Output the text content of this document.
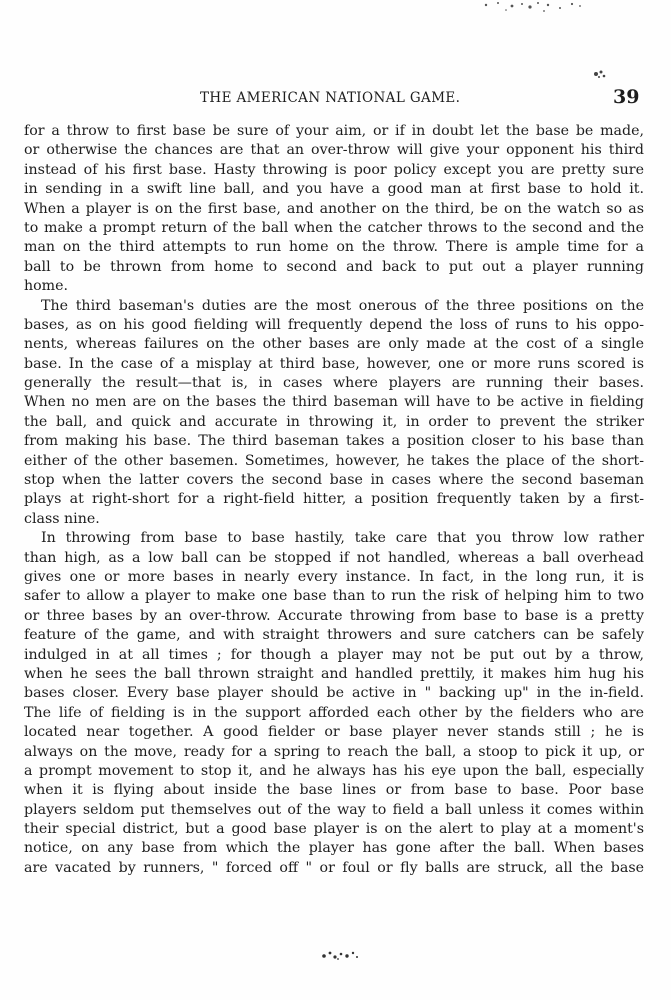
THE AMERICAN NATIONAL GAME.	39
for a throw to first base be sure of your aim, or if in doubt let the base be made,
or otherwise the chances are that an over-throw will give your opponent his third
instead of his first base. Hasty throwing is poor policy except you are pretty sure
in sending in a swift line ball, and you have a good man at first base to hold it.
When a player is on the first base, and another on the third, be on the watch so as
to make a prompt return of the ball when the catcher throws to the second and the
man on the third attempts to run home on the throw. There is ample time for a
ball to be thrown from home to second and back to put out a player running
home.
The third baseman's duties are the most onerous of the three positions on the
bases, as on his good fielding will frequently depend the loss of runs to his oppo-
nents, whereas failures on the other bases are only made at the cost of a single
base. In the case of a misplay at third base, however, one or more runs scored is
generally the result—that is, in cases where players are running their bases.
When no men are on the bases the third baseman will have to be active in fielding
the ball, and quick and accurate in throwing it, in order to prevent the striker
from making his base. The third baseman takes a position closer to his base than
either of the other basemen. Sometimes, however, he takes the place of the short-
stop when the latter covers the second base in cases where the second baseman
plays at right-short for a right-field hitter, a position frequently taken by a first-
class nine.
In throwing from base to base hastily, take care that you throw low rather
than high, as a low ball can be stopped if not handled, whereas a ball overhead
gives one or more bases in nearly every instance. In fact, in the long run, it is
safer to allow a player to make one base than to run the risk of helping him to two
or three bases by an over-throw. Accurate throwing from base to base is a pretty
feature of the game, and with straight throwers and sure catchers can be safely
indulged in at all times ; for though a player may not be put out by a throw,
when he sees the ball thrown straight and handled prettily, it makes him hug his
bases closer. Every base player should be active in " backing up" in the in-field.
The life of fielding is in the support afforded each other by the fielders who are
located near together. A good fielder or base player never stands still ; he is
always on the move, ready for a spring to reach the ball, a stoop to pick it up, or
a prompt movement to stop it, and he always has his eye upon the ball, especially
when it is flying about inside the base lines or from base to base. Poor base
players seldom put themselves out of the way to field a ball unless it comes within
their special district, but a good base player is on the alert to play at a moment's
notice, on any base from which the player has gone after the ball. When bases
are vacated by runners, " forced off " or foul or fly balls are struck, all the base
